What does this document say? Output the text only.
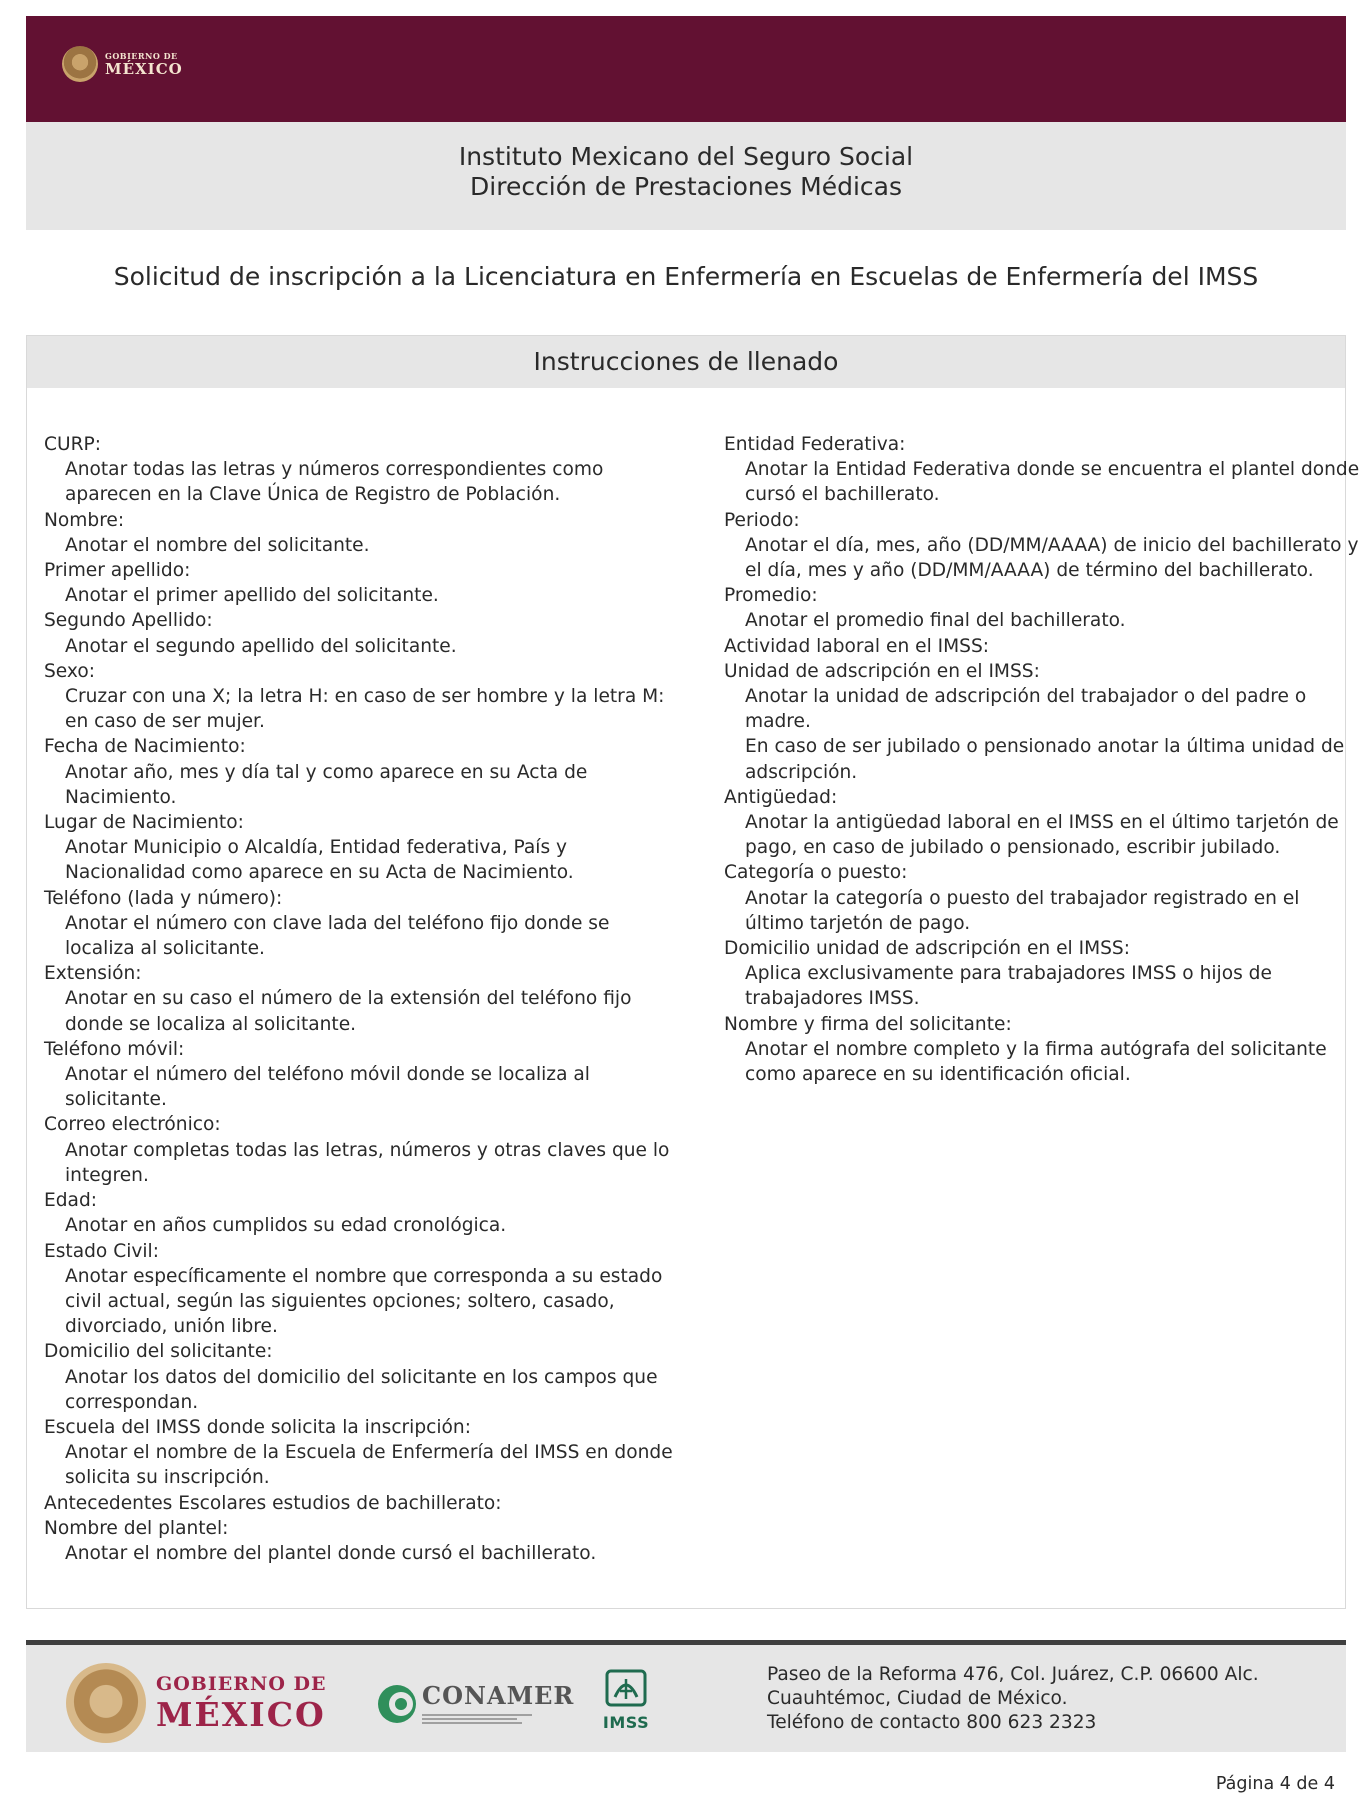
GOBIERNO DE
MÉXICO
Instituto Mexicano del Seguro Social
Dirección de Prestaciones Médicas
Solicitud de inscripción a la Licenciatura en Enfermería en Escuelas de Enfermería del IMSS
Instrucciones de llenado
CURP:
Anotar todas las letras y números correspondientes como aparecen en la Clave Única de Registro de Población.
Nombre:
Anotar el nombre del solicitante.
Primer apellido:
Anotar el primer apellido del solicitante.
Segundo Apellido:
Anotar el segundo apellido del solicitante.
Sexo:
Cruzar con una X; la letra H: en caso de ser hombre y la letra M: en caso de ser mujer.
Fecha de Nacimiento:
Anotar año, mes y día tal y como aparece en su Acta de Nacimiento.
Lugar de Nacimiento:
Anotar Municipio o Alcaldía, Entidad federativa, País y Nacionalidad como aparece en su Acta de Nacimiento.
Teléfono (lada y número):
Anotar el número con clave lada del teléfono fijo donde se localiza al solicitante.
Extensión:
Anotar en su caso el número de la extensión del teléfono fijo donde se localiza al solicitante.
Teléfono móvil:
Anotar el número del teléfono móvil donde se localiza al solicitante.
Correo electrónico:
Anotar completas todas las letras, números y otras claves que lo integren.
Edad:
Anotar en años cumplidos su edad cronológica.
Estado Civil:
Anotar específicamente el nombre que corresponda a su estado civil actual, según las siguientes opciones; soltero, casado, divorciado, unión libre.
Domicilio del solicitante:
Anotar los datos del domicilio del solicitante en los campos que correspondan.
Escuela del IMSS donde solicita la inscripción:
Anotar el nombre de la Escuela de Enfermería del IMSS en donde solicita su inscripción.
Antecedentes Escolares estudios de bachillerato:
Nombre del plantel:
Anotar el nombre del plantel donde cursó el bachillerato.
Entidad Federativa:
Anotar la Entidad Federativa donde se encuentra el plantel donde cursó el bachillerato.
Periodo:
Anotar el día, mes, año (DD/MM/AAAA) de inicio del bachillerato y el día, mes y año (DD/MM/AAAA) de término del bachillerato.
Promedio:
Anotar el promedio final del bachillerato.
Actividad laboral en el IMSS:
Unidad de adscripción en el IMSS:
Anotar la unidad de adscripción del trabajador o del padre o madre.
En caso de ser jubilado o pensionado anotar la última unidad de adscripción.
Antigüedad:
Anotar la antigüedad laboral en el IMSS en el último tarjetón de pago, en caso de jubilado o pensionado, escribir jubilado.
Categoría o puesto:
Anotar la categoría o puesto del trabajador registrado en el último tarjetón de pago.
Domicilio unidad de adscripción en el IMSS:
Aplica exclusivamente para trabajadores IMSS o hijos de trabajadores IMSS.
Nombre y firma del solicitante:
Anotar el nombre completo y la firma autógrafa del solicitante como aparece en su identificación oficial.
GOBIERNO DE
MÉXICO	CONAMER
IMSS
Paseo de la Reforma 476, Col. Juárez, C.P. 06600 Alc.
Cuauhtémoc, Ciudad de México.
Teléfono de contacto 800 623 2323
Página 4 de 4
